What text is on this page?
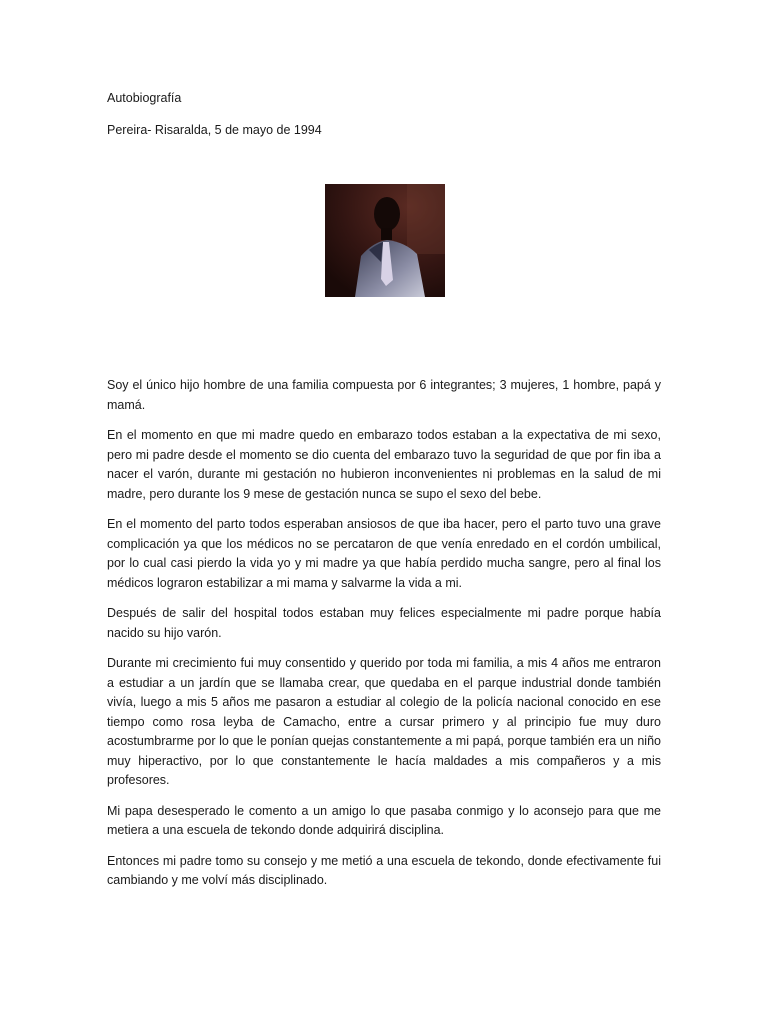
Autobiografía
Pereira- Risaralda, 5 de mayo de 1994

Soy el único hijo hombre de una familia compuesta por 6 integrantes; 3 mujeres, 1 hombre, papá y mamá.

En el momento en que mi madre quedo en embarazo todos estaban a la expectativa de mi sexo, pero mi padre desde el momento se dio cuenta del embarazo tuvo la seguridad de que por fin iba a nacer el varón, durante mi gestación no hubieron inconvenientes ni problemas en la salud de mi madre, pero durante los 9 mese de gestación nunca se supo el sexo del bebe.

En el momento del parto todos esperaban ansiosos de que iba hacer, pero el parto tuvo una grave complicación ya que los médicos no se percataron de que venía enredado en el cordón umbilical, por lo cual casi pierdo la vida yo y mi madre ya que había perdido mucha sangre, pero al final los médicos lograron estabilizar a mi mama y salvarme la vida a mi.

Después de salir del hospital todos estaban muy felices especialmente mi padre porque había nacido su hijo varón.

Durante mi crecimiento fui muy consentido y querido por toda mi familia, a mis 4 años me entraron a estudiar a un jardín que se llamaba crear, que quedaba en el parque industrial donde también vivía, luego a mis 5 años me pasaron a estudiar al colegio de la policía nacional conocido en ese tiempo como rosa leyba de Camacho, entre a cursar primero y al principio fue muy duro acostumbrarme por lo que le ponían quejas constantemente a mi papá, porque también era un niño muy hiperactivo, por lo que constantemente le hacía maldades a mis compañeros y a mis profesores.

Mi papa desesperado le comento a un amigo lo que pasaba conmigo y lo aconsejo para que me metiera a una escuela de tekondo donde adquirirá disciplina.

Entonces mi padre tomo su consejo y me metió a una escuela de tekondo, donde efectivamente fui cambiando y me volví más disciplinado.
